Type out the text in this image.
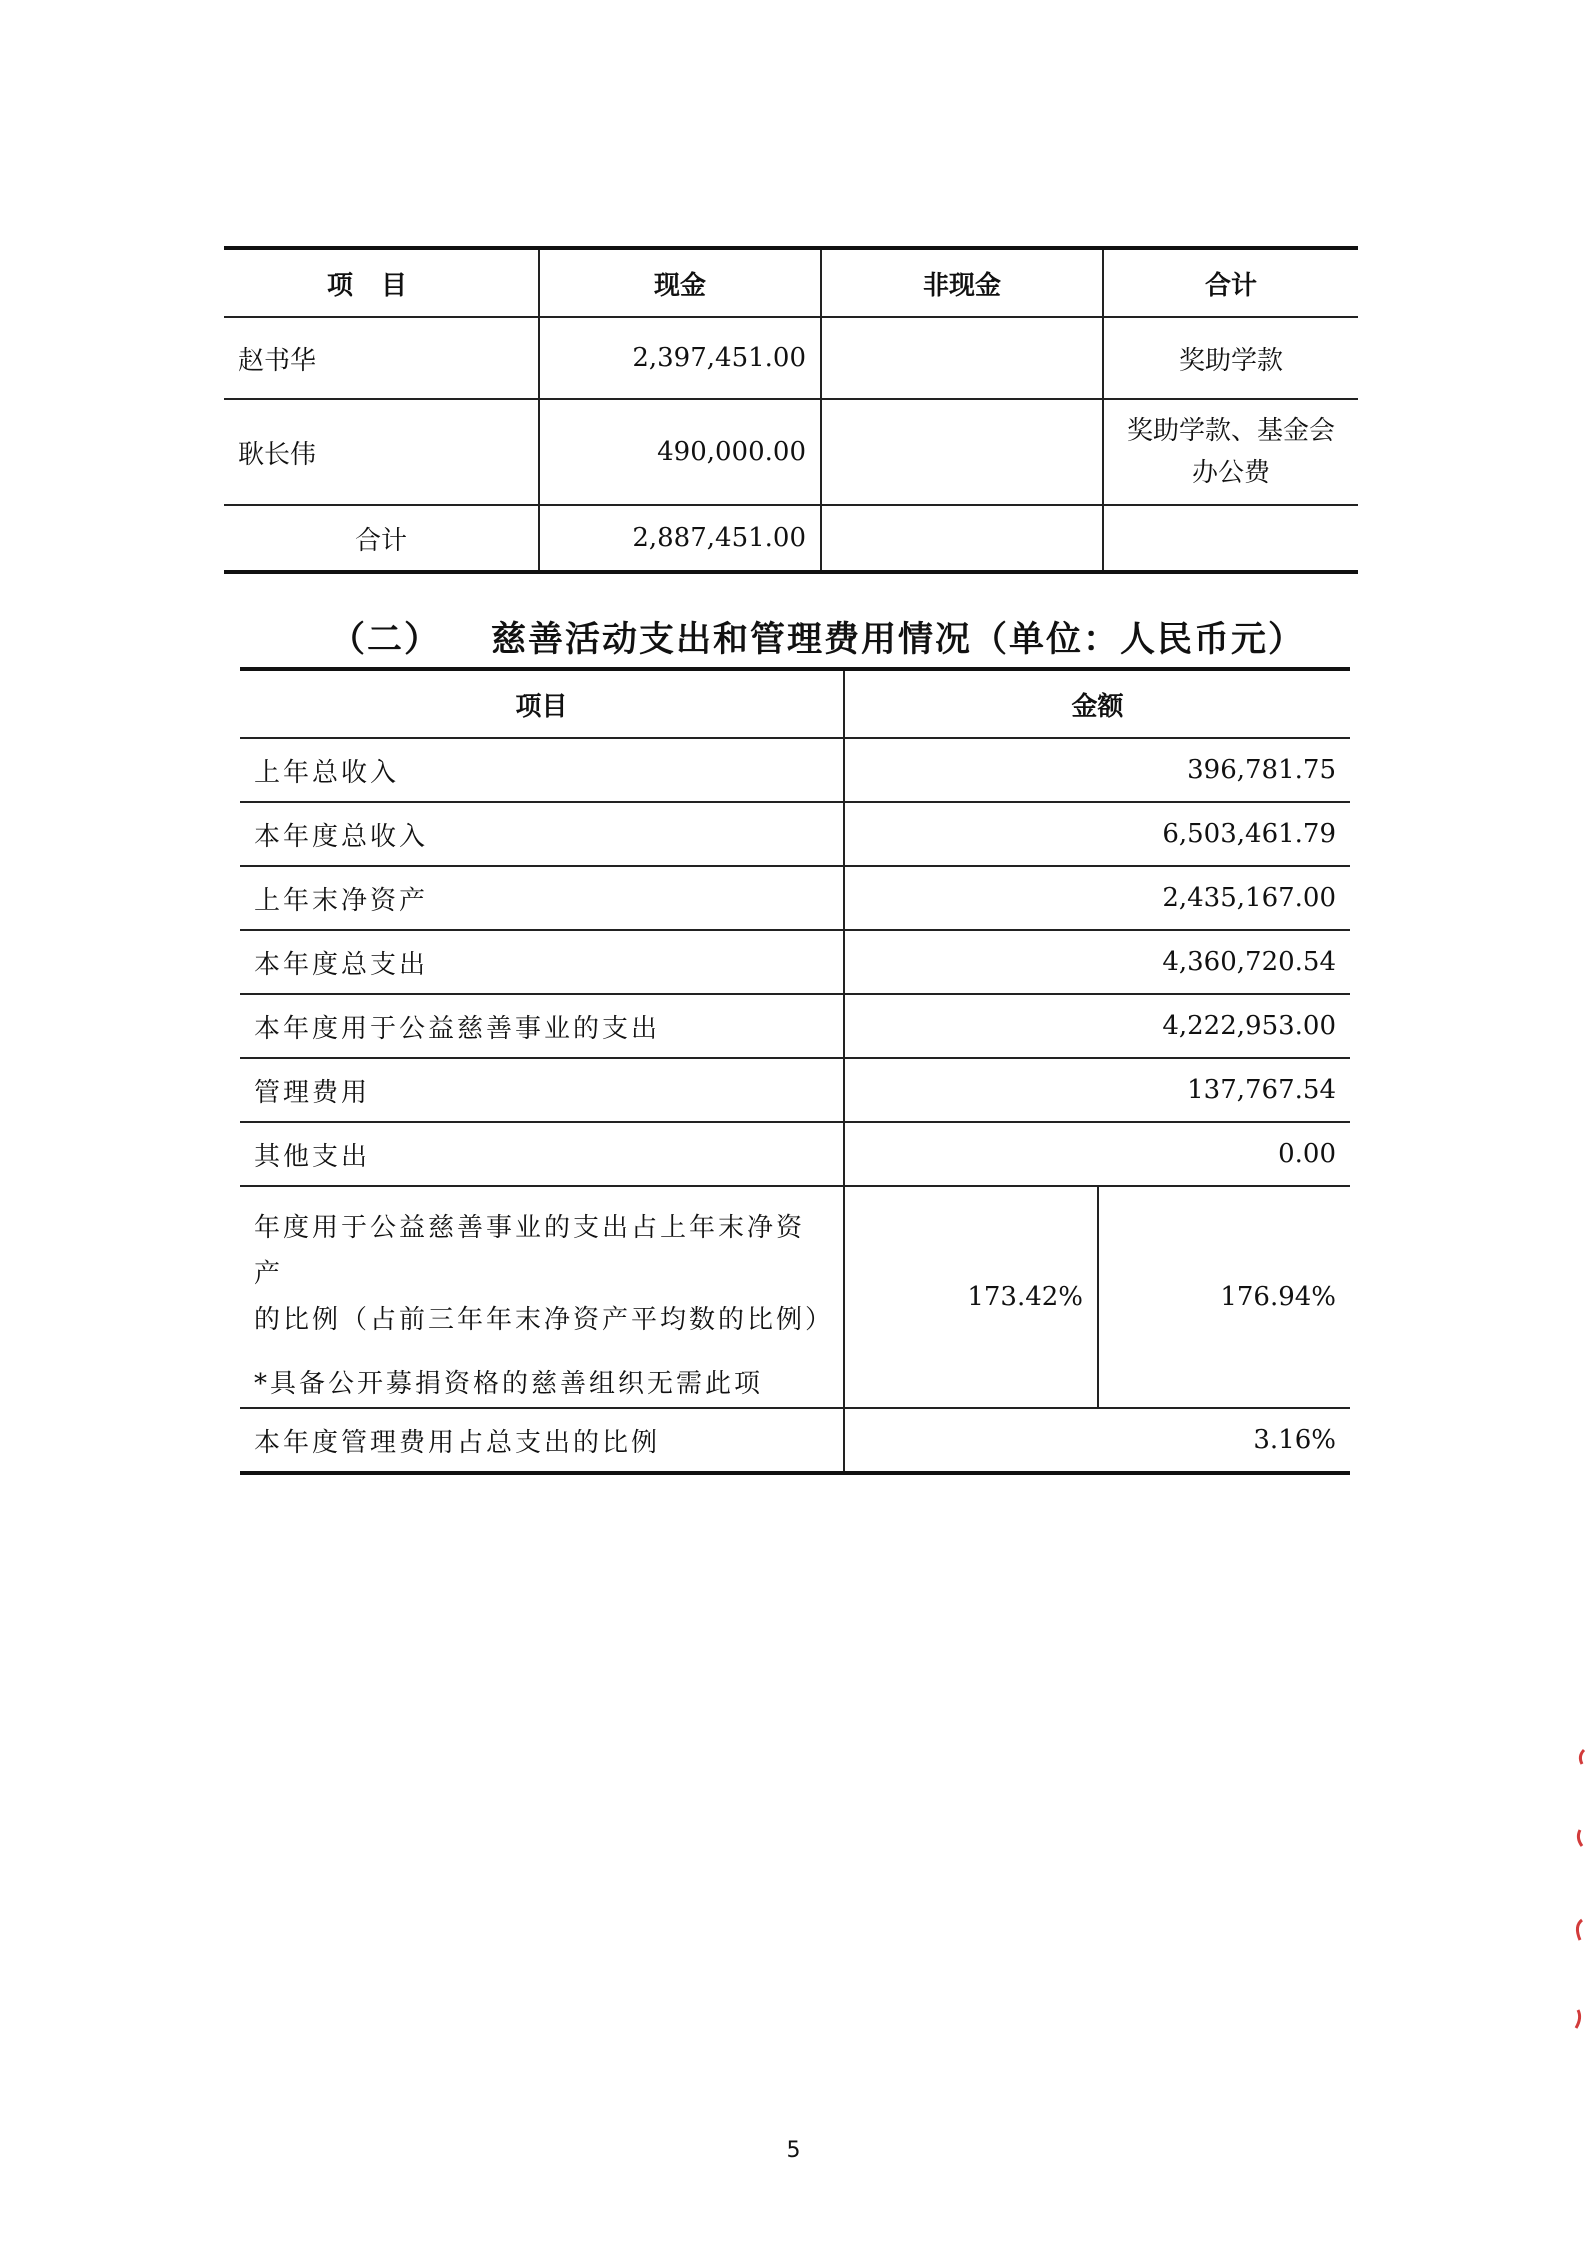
项目	现金	非现金	合计
赵书华	2,397,451.00		奖助学款
耿长伟	490,000.00		奖助学款、基金会
办公费
合计	2,887,451.00		
（二） 慈善活动支出和管理费用情况（单位：人民币元）
项目	金额	
上年总收入	396,781.75	
本年度总收入	6,503,461.79	
上年末净资产	2,435,167.00	
本年度总支出	4,360,720.54	
本年度用于公益慈善事业的支出	4,222,953.00	
管理费用	137,767.54	
其他支出	0.00	
年度用于公益慈善事业的支出占上年末净资产
的比例（占前三年年末净资产平均数的比例）
*具备公开募捐资格的慈善组织无需此项	173.42%	176.94%
本年度管理费用占总支出的比例	3.16%	
5
